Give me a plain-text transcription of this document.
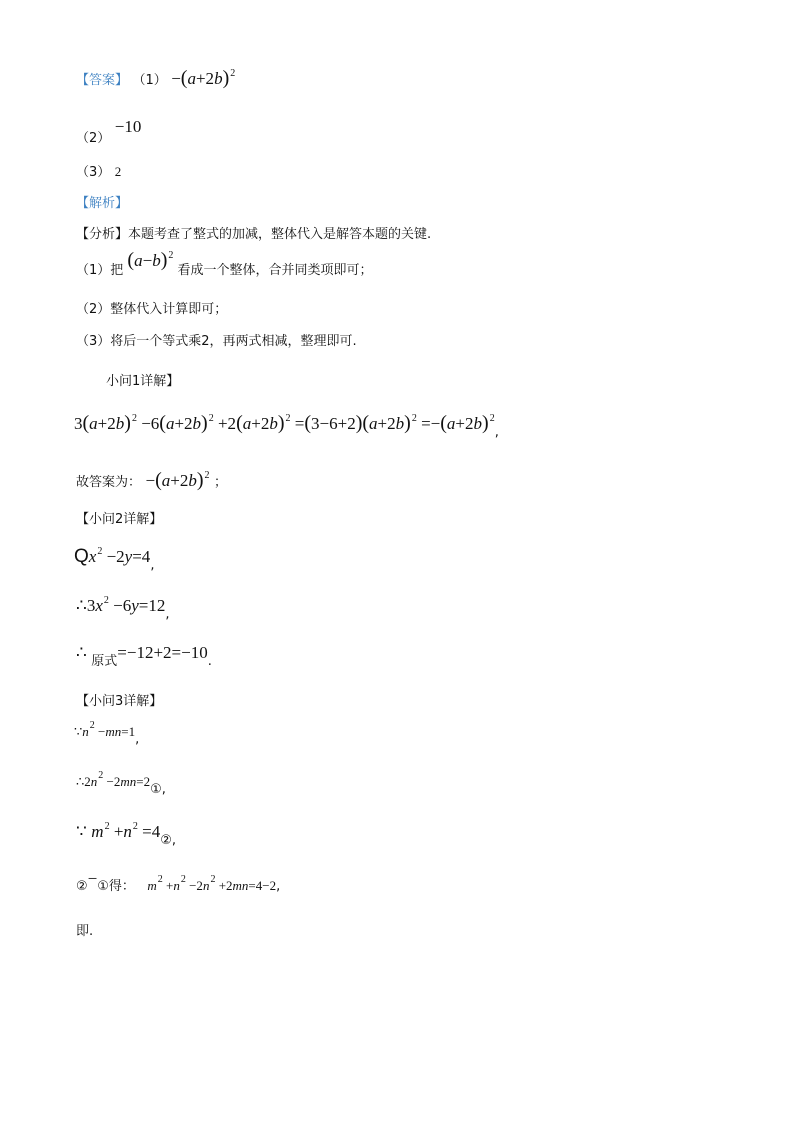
【答案】 $(1) -(a+2b)^2$
（2） −10
（3） 2
【解析】
【分析】本题考查了整式的加减，整体代入是解答本题的关键.
（1）把 $(a-b)^2$ 看成一个整体，合并同类项即可；
（2）整体代入计算即可；
（3）将后一个等式乘2，再两式相减，整理即可.
小问1详解】
$3(a+2b)^2 -6(a+2b)^2 +2(a+2b)^2 =(3-6+2)(a+2b)^2 =-(a+2b)^2$,
故答案为： $-(a+2b)^2$ ；
【小问2详解】
$Qx^2 -2y=4$,
$\therefore 3x^2 -6y=12$,
∴ 原式=−12+2=−10.
【小问3详解】
$\because n^2 -mn=1$,
$\therefore 2n^2$ −2mn=2①,
∵ $m^2 +n^2$ =4②,
②−①得： $m^2 +n^2 -2n^2 +2mn=4-2$,
即.
